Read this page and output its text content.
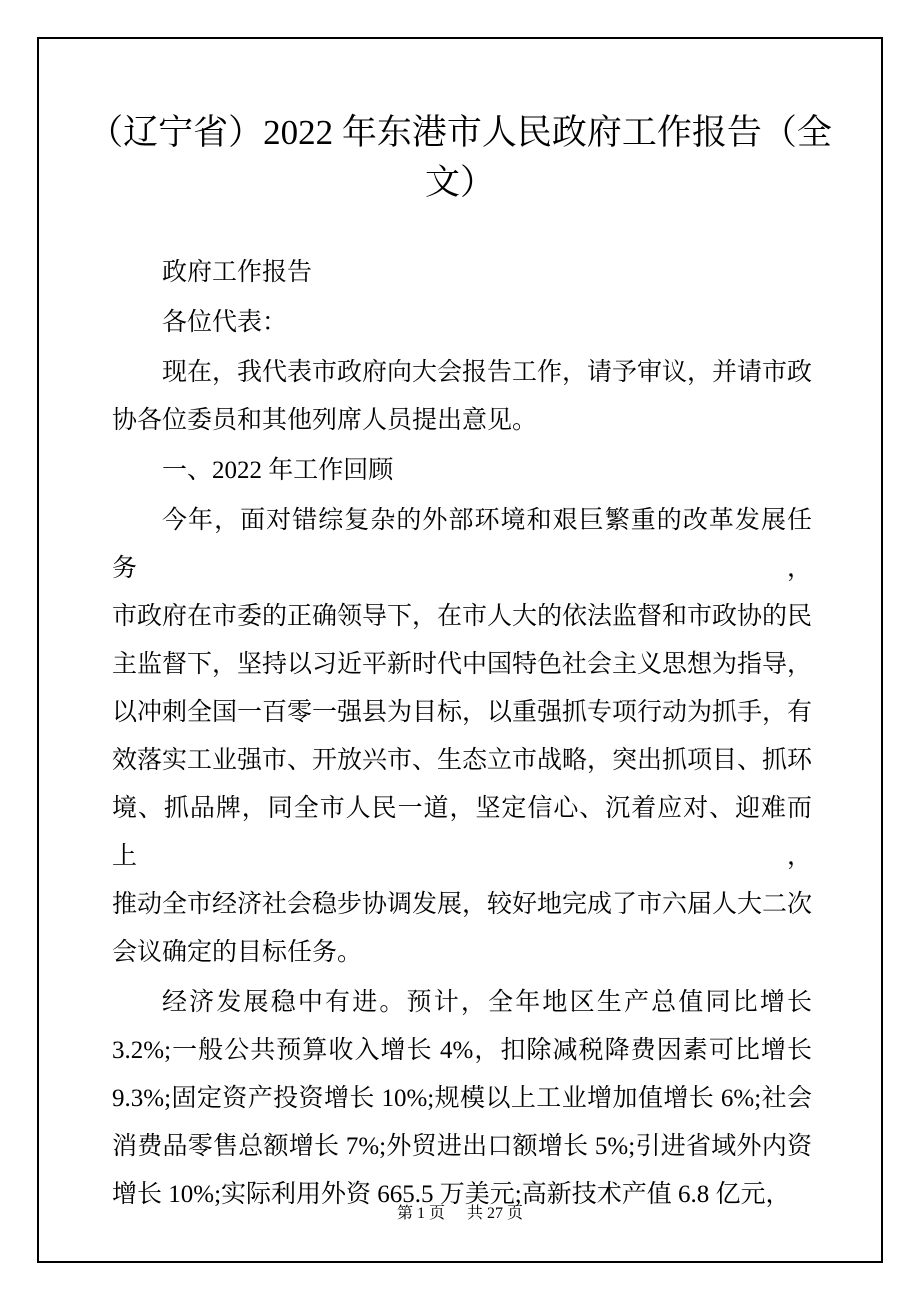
（辽宁省）2022 年东港市人民政府工作报告（全
文）

政府工作报告

各位代表：

现在，我代表市政府向大会报告工作，请予审议，并请市政
协各位委员和其他列席人员提出意见。

一、2022 年工作回顾

今年，面对错综复杂的外部环境和艰巨繁重的改革发展任务，
市政府在市委的正确领导下，在市人大的依法监督和市政协的民
主监督下，坚持以习近平新时代中国特色社会主义思想为指导，
以冲刺全国一百零一强县为目标，以重强抓专项行动为抓手，有
效落实工业强市、开放兴市、生态立市战略，突出抓项目、抓环
境、抓品牌，同全市人民一道，坚定信心、沉着应对、迎难而上，
推动全市经济社会稳步协调发展，较好地完成了市六届人大二次
会议确定的目标任务。

经济发展稳中有进。预计，全年地区生产总值同比增长
3.2%;一般公共预算收入增长 4%，扣除减税降费因素可比增长
9.3%;固定资产投资增长 10%;规模以上工业增加值增长 6%;社会
消费品零售总额增长 7%;外贸进出口额增长 5%;引进省域外内资
增长 10%;实际利用外资 665.5 万美元;高新技术产值 6.8 亿元，

第 1 页 共 27 页
